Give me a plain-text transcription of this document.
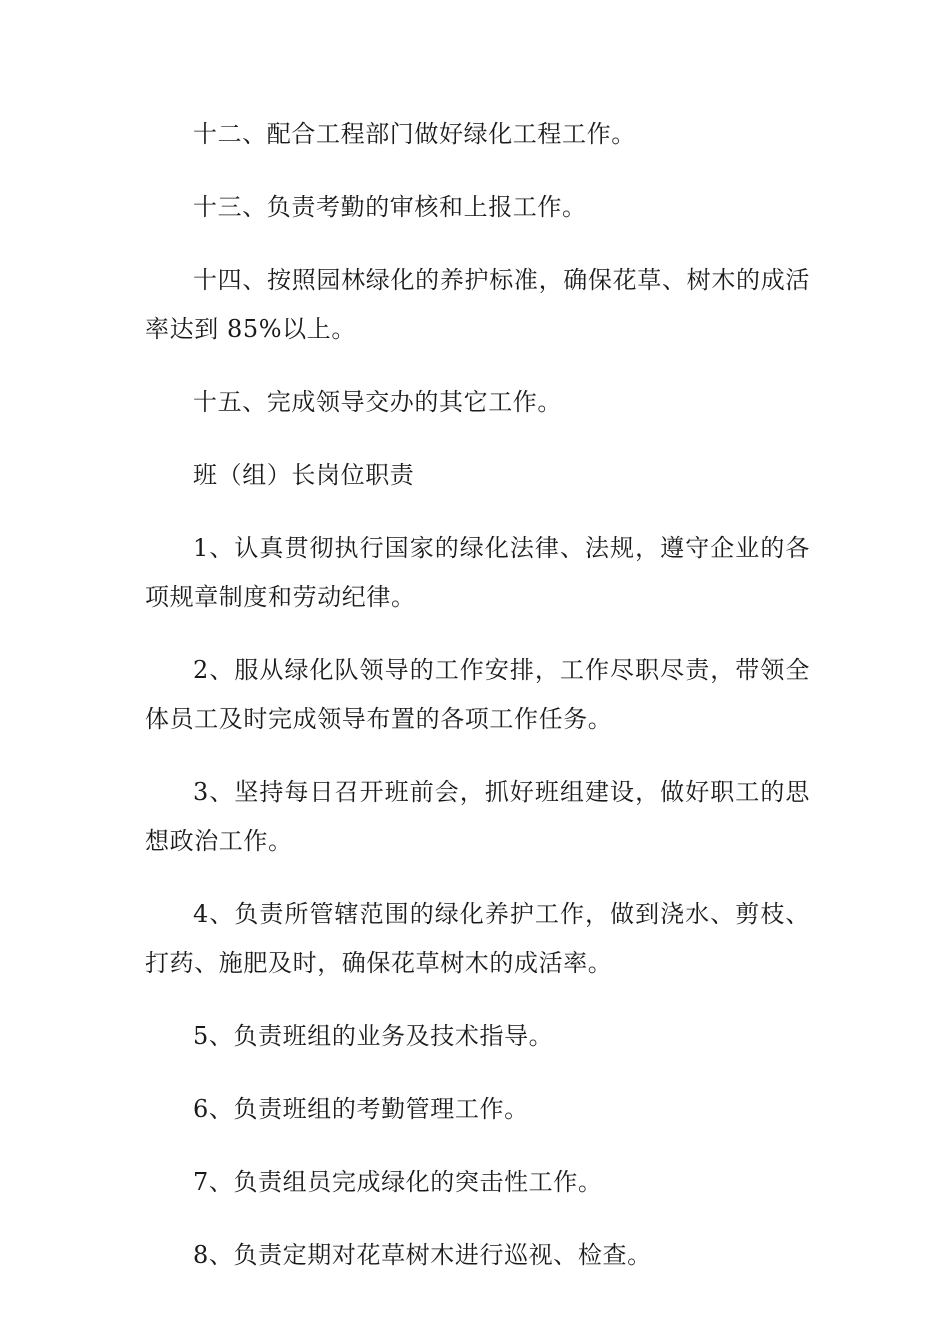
十二、配合工程部门做好绿化工程工作。

十三、负责考勤的审核和上报工作。

十四、按照园林绿化的养护标准，确保花草、树木的成活率达到 85%以上。

十五、完成领导交办的其它工作。

班（组）长岗位职责

1、认真贯彻执行国家的绿化法律、法规，遵守企业的各项规章制度和劳动纪律。

2、服从绿化队领导的工作安排，工作尽职尽责，带领全体员工及时完成领导布置的各项工作任务。

3、坚持每日召开班前会，抓好班组建设，做好职工的思想政治工作。

4、负责所管辖范围的绿化养护工作，做到浇水、剪枝、打药、施肥及时，确保花草树木的成活率。

5、负责班组的业务及技术指导。

6、负责班组的考勤管理工作。

7、负责组员完成绿化的突击性工作。

8、负责定期对花草树木进行巡视、检查。
